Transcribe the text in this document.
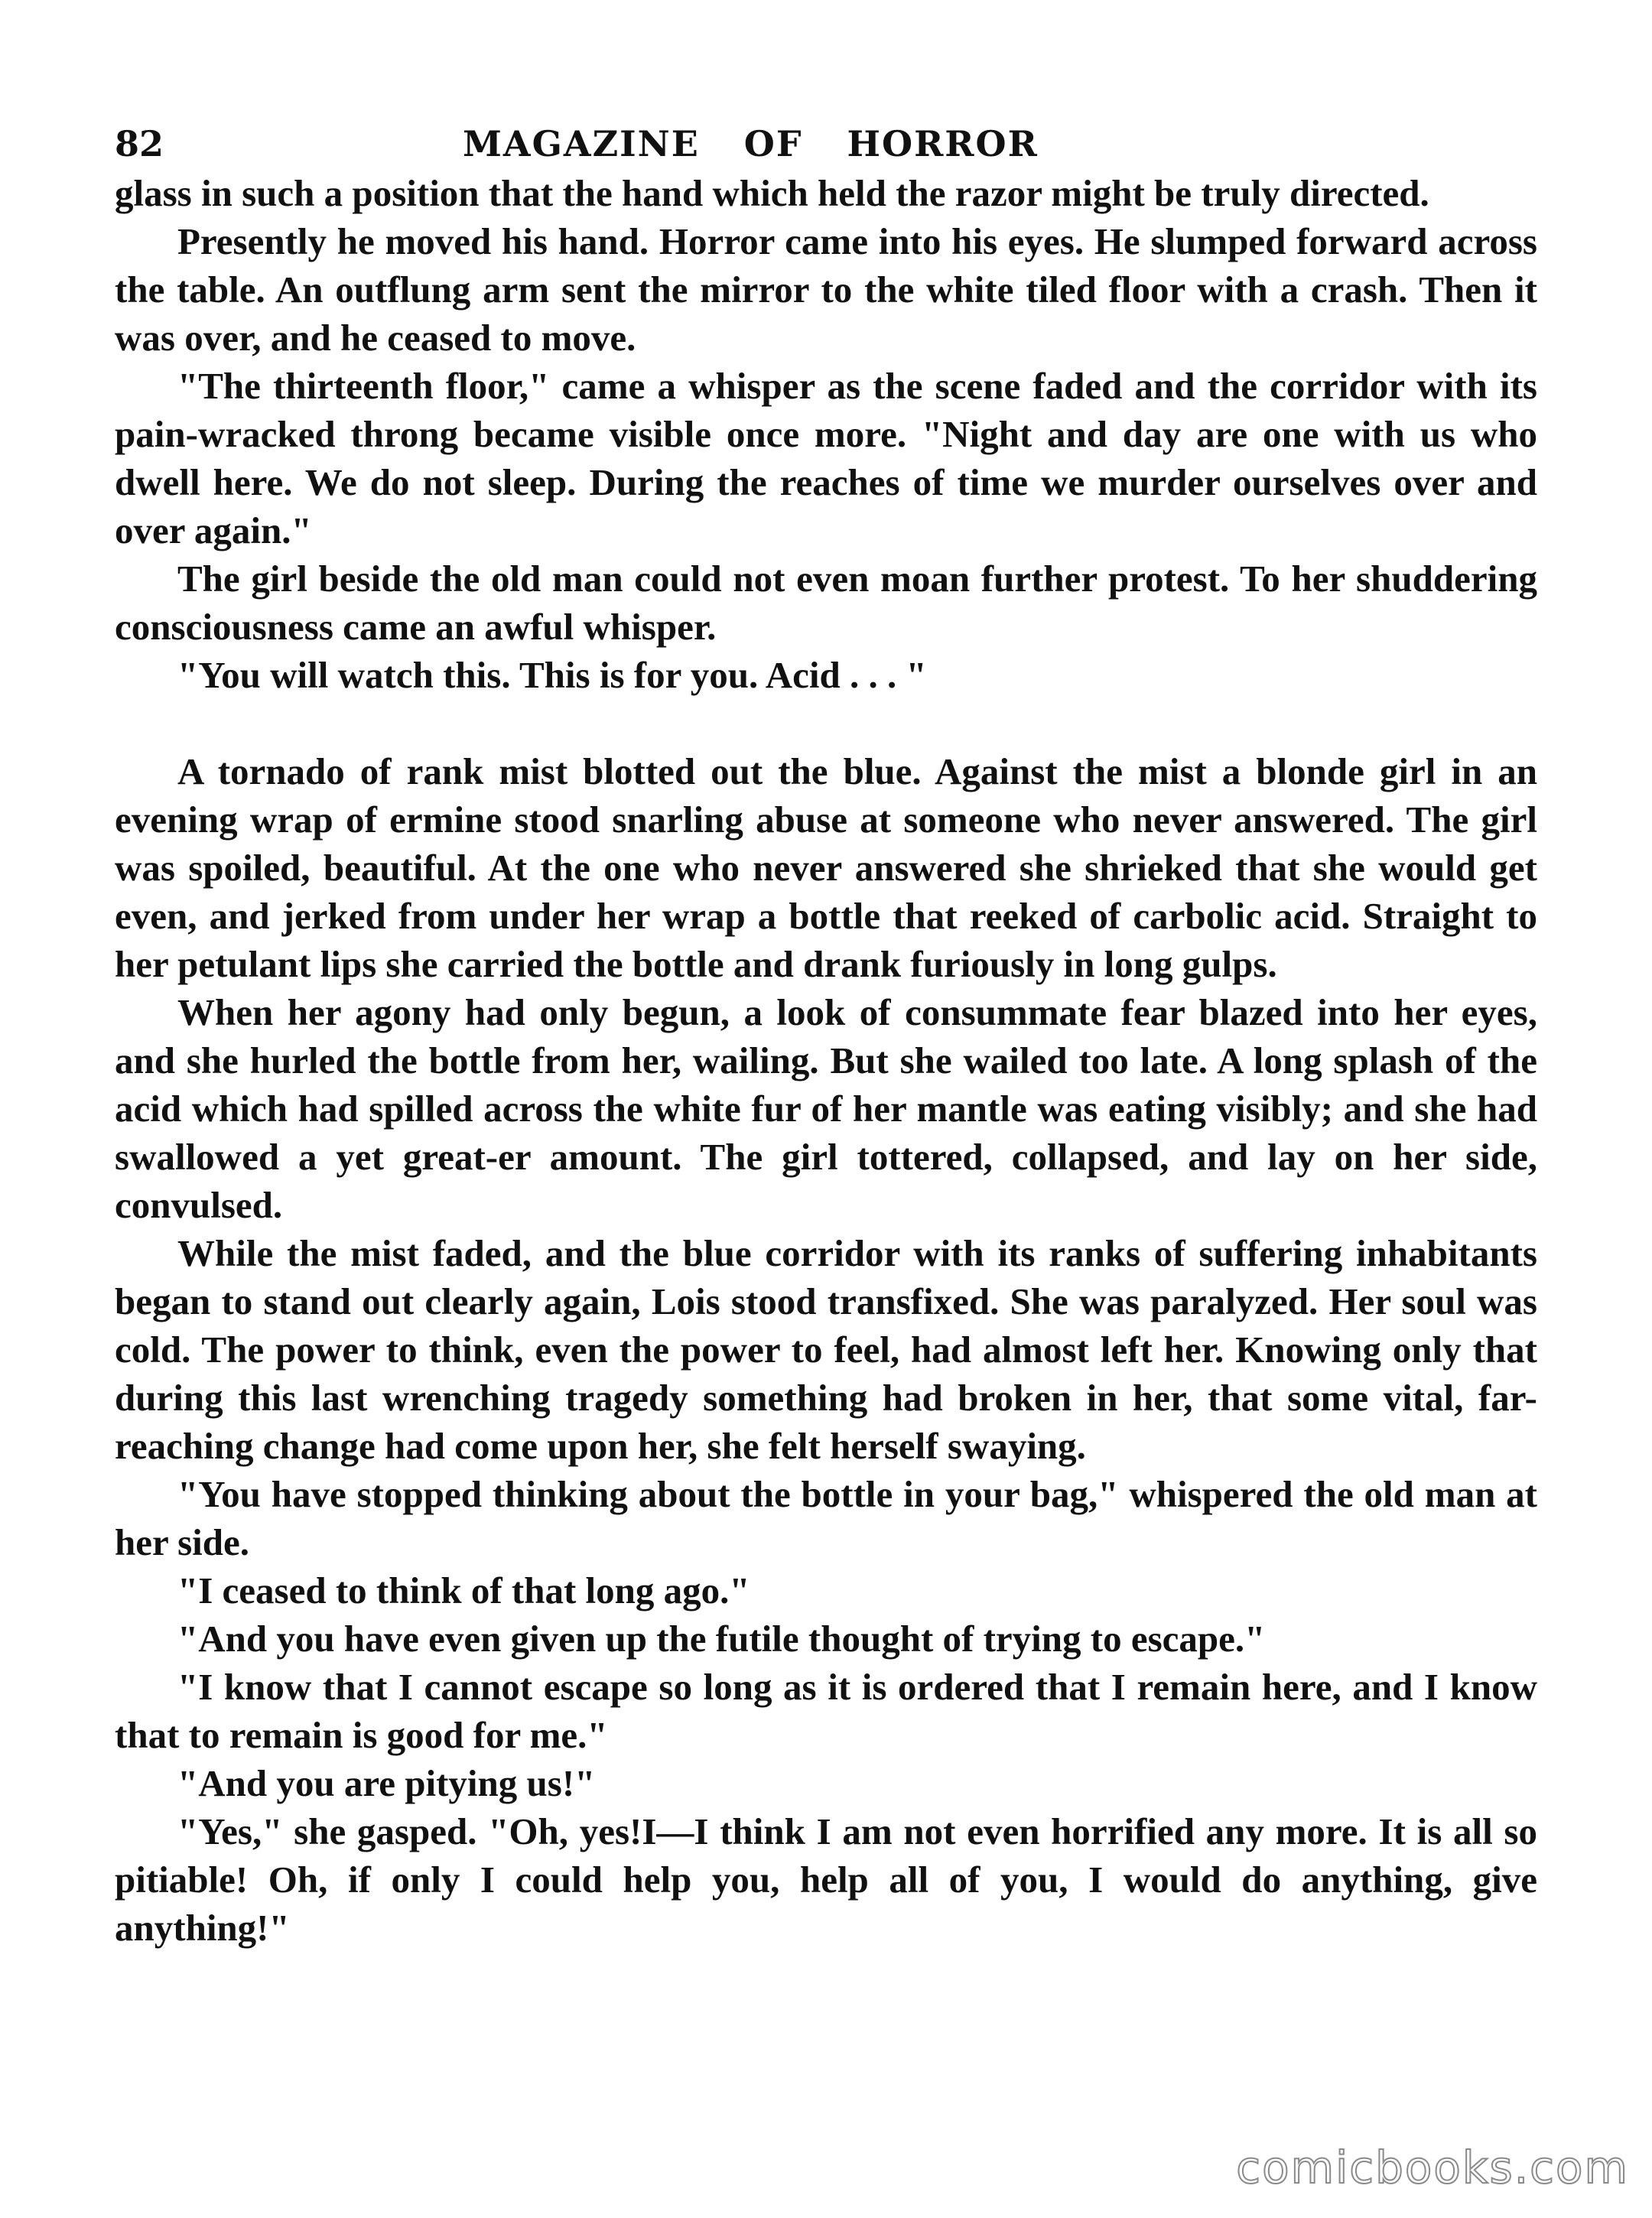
82	MAGAZINE OF HORROR

glass in such a position that the hand which held the razor might be truly directed.

Presently he moved his hand. Horror came into his eyes. He slumped forward across the table. An outflung arm sent the mirror to the white tiled floor with a crash. Then it was over, and he ceased to move.

"The thirteenth floor," came a whisper as the scene faded and the corridor with its pain-wracked throng became visible once more. "Night and day are one with us who dwell here. We do not sleep. During the reaches of time we murder ourselves over and over again."

The girl beside the old man could not even moan further protest. To her shuddering consciousness came an awful whisper.

"You will watch this. This is for you. Acid . . . "

A tornado of rank mist blotted out the blue. Against the mist a blonde girl in an evening wrap of ermine stood snarling abuse at someone who never answered. The girl was spoiled, beautiful. At the one who never answered she shrieked that she would get even, and jerked from under her wrap a bottle that reeked of carbolic acid. Straight to her petulant lips she carried the bottle and drank furiously in long gulps.

When her agony had only begun, a look of consummate fear blazed into her eyes, and she hurled the bottle from her, wailing. But she wailed too late. A long splash of the acid which had spilled across the white fur of her mantle was eating visibly; and she had swallowed a yet great-er amount. The girl tottered, collapsed, and lay on her side, convulsed.

While the mist faded, and the blue corridor with its ranks of suffering inhabitants began to stand out clearly again, Lois stood transfixed. She was paralyzed. Her soul was cold. The power to think, even the power to feel, had almost left her. Knowing only that during this last wrenching tragedy something had broken in her, that some vital, far-reaching change had come upon her, she felt herself swaying.

"You have stopped thinking about the bottle in your bag," whispered the old man at her side.

"I ceased to think of that long ago."

"And you have even given up the futile thought of trying to escape."

"I know that I cannot escape so long as it is ordered that I remain here, and I know that to remain is good for me."

"And you are pitying us!"

"Yes," she gasped. "Oh, yes!I—I think I am not even horrified any more. It is all so pitiable! Oh, if only I could help you, help all of you, I would do anything, give anything!"

comicbooks.com
